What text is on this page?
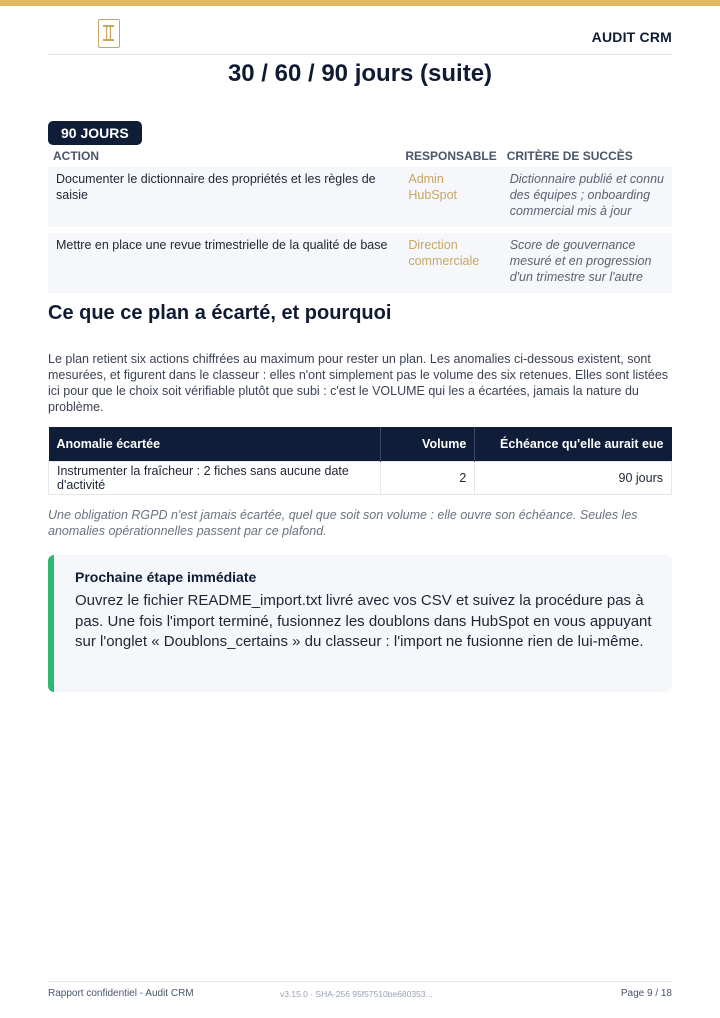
AUDIT CRM
30 / 60 / 90 jours (suite)
90 JOURS
ACTION	RESPONSABLE	CRITÈRE DE SUCCÈS
Documenter le dictionnaire des propriétés et les règles de saisie	Admin HubSpot	Dictionnaire publié et connu des équipes ; onboarding commercial mis à jour

Mettre en place une revue trimestrielle de la qualité de base	Direction commerciale	Score de gouvernance mesuré et en progression d'un trimestre sur l'autre
Ce que ce plan a écarté, et pourquoi

Le plan retient six actions chiffrées au maximum pour rester un plan. Les anomalies ci-dessous existent, sont mesurées, et figurent dans le classeur : elles n'ont simplement pas le volume des six retenues. Elles sont listées ici pour que le choix soit vérifiable plutôt que subi : c'est le VOLUME qui les a écartées, jamais la nature du problème.

Anomalie écartée	Volume	Échéance qu'elle aurait eue
Instrumenter la fraîcheur : 2 fiches sans aucune date d'activité	2	90 jours

Une obligation RGPD n'est jamais écartée, quel que soit son volume : elle ouvre son échéance. Seules les anomalies opérationnelles passent par ce plafond.

Prochaine étape immédiate
Ouvrez le fichier README_import.txt livré avec vos CSV et suivez la procédure pas à pas. Une fois l'import terminé, fusionnez les doublons dans HubSpot en vous appuyant sur l'onglet « Doublons_certains » du classeur : l'import ne fusionne rien de lui-même.
Rapport confidentiel - Audit CRM	v3.15.0 · SHA-256 95f57510be680353...	Page 9 / 18
